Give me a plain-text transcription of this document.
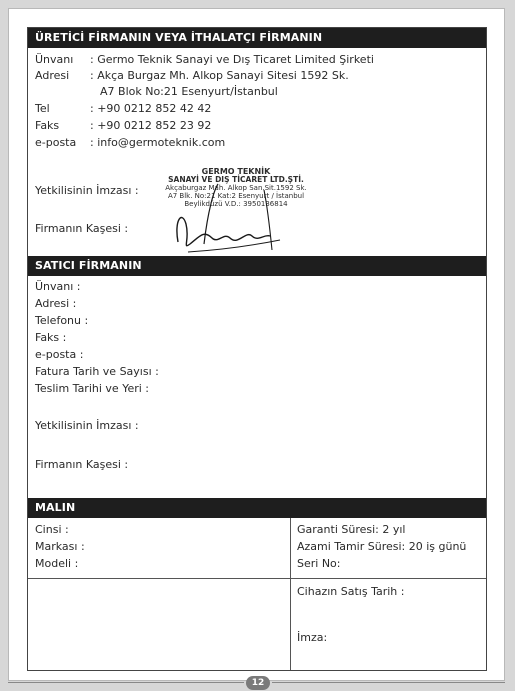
ÜRETİCİ FİRMANIN VEYA İTHALATÇI FİRMANIN
Ünvanı : Germo Teknik Sanayi ve Dış Ticaret Limited Şirketi
Adresi : Akça Burgaz Mh. Alkop Sanayi Sitesi 1592 Sk.
A7 Blok No:21 Esenyurt/İstanbul
Tel	: +90 0212 852 42 42
Faks	: +90 0212 852 23 92
e-posta : info@germoteknik.com
Yetkilisinin İmzası :
Firmanın Kaşesi :
GERMO TEKNİK
SANAYİ VE DIŞ TİCARET LTD.ŞTİ.
Akçaburgaz Mah. Alkop San.Sit.1592 Sk.
A7 Blk. No:21 Kat:2 Esenyurt / İstanbul
Beylikdüzü V.D.: 3950136814
SATICI FİRMANIN
Ünvanı :
Adresi :
Telefonu :
Faks :
e-posta :
Fatura Tarih ve Sayısı :
Teslim Tarihi ve Yeri :
Yetkilisinin İmzası :
Firmanın Kaşesi :
MALIN
Cinsi :
Markası :
Modeli :
Garanti Süresi: 2 yıl
Azami Tamir Süresi: 20 iş günü
Seri No:
Cihazın Satış Tarih :
İmza:
12
